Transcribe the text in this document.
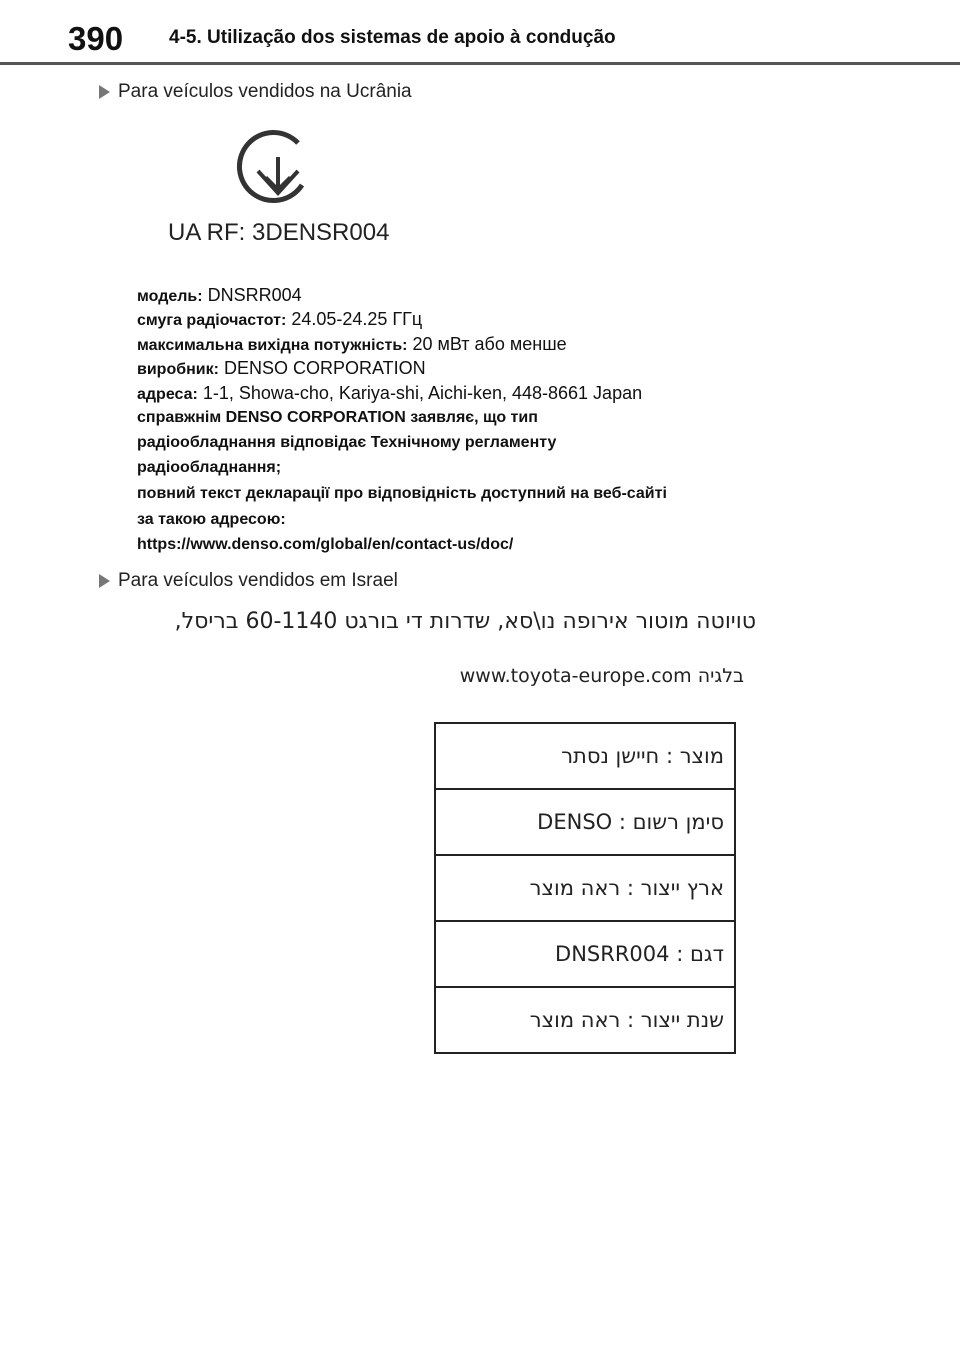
390 4-5. Utilização dos sistemas de apoio à condução
Para veículos vendidos na Ucrânia
UA RF: 3DENSR004
модель: DNSRR004
смуга радіочастот: 24.05-24.25 ГГц
максимальна вихідна потужність: 20 мВт або менше
виробник: DENSO CORPORATION
адреса: 1-1, Showa-cho, Kariya-shi, Aichi-ken, 448-8661 Japan
справжнім DENSO CORPORATION заявляє, що тип
радіообладнання відповідає Технічному регламенту
радіообладнання;
повний текст декларації про відповідність доступний на веб-сайті
за такою адресою:
https://www.denso.com/global/en/contact-us/doc/
Para veículos vendidos em Israel
טויוטה מוטור אירופה נו\סא, שדרות די בורגט 60-1140 בריסל,
בלגיה www.toyota-europe.com
מוצר : חיישן נסתר
סימן רשום : DENSO
ארץ ייצור : ראה מוצר
דגם : DNSRR004
שנת ייצור : ראה מוצר
